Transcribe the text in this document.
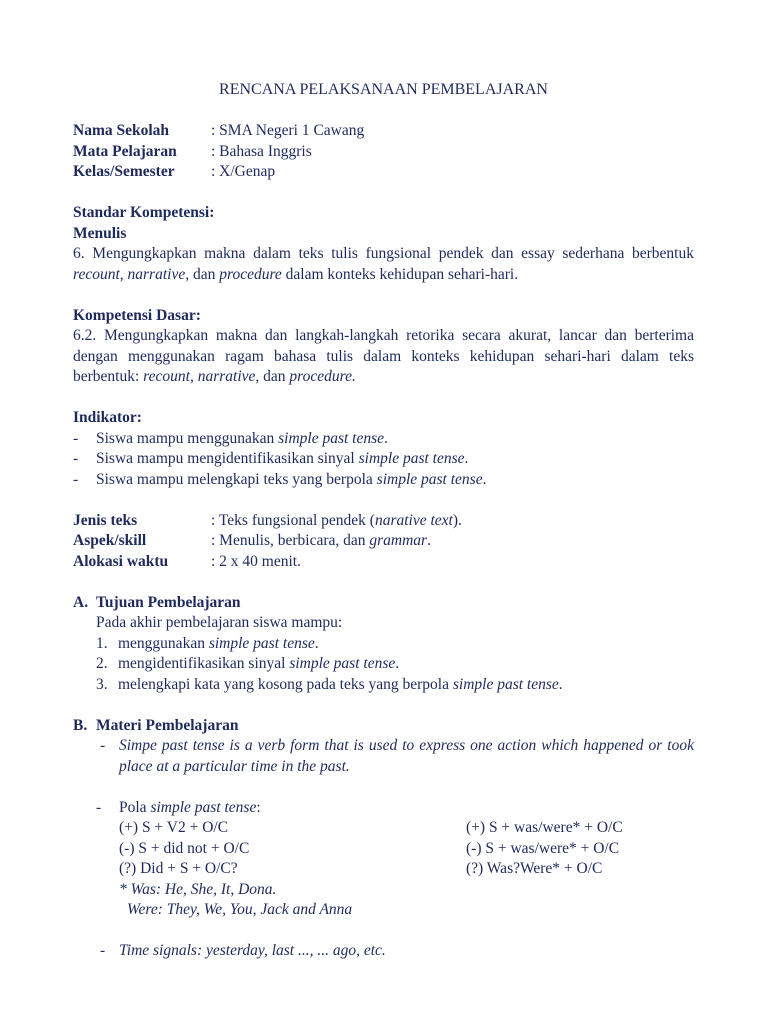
RENCANA PELAKSANAAN PEMBELAJARAN
Nama Sekolah	: SMA Negeri 1 Cawang
Mata Pelajaran : Bahasa Inggris
Kelas/Semester : X/Genap
Standar Kompetensi:
Menulis
6. Mengungkapkan makna dalam teks tulis fungsional pendek dan essay sederhana berbentuk
recount, narrative, dan procedure dalam konteks kehidupan sehari-hari.
Kompetensi Dasar:
6.2. Mengungkapkan makna dan langkah-langkah retorika secara akurat, lancar dan berterima
dengan menggunakan ragam bahasa tulis dalam konteks kehidupan sehari-hari dalam teks
berbentuk: recount, narrative, dan procedure.
Indikator:
- Siswa mampu menggunakan simple past tense.
- Siswa mampu mengidentifikasikan sinyal simple past tense.
- Siswa mampu melengkapi teks yang berpola simple past tense.
Jenis teks	: Teks fungsional pendek (narative text).
Aspek/skill	: Menulis, berbicara, dan grammar.
Alokasi waktu	: 2 x 40 menit.
A. Tujuan Pembelajaran
Pada akhir pembelajaran siswa mampu:
1. menggunakan simple past tense.
2. mengidentifikasikan sinyal simple past tense.
3. melengkapi kata yang kosong pada teks yang berpola simple past tense.
B. Materi Pembelajaran
- Simpe past tense is a verb form that is used to express one action which happened or took
place at a particular time in the past.
- Pola simple past tense:
(+) S + V2 + O/C	(+) S + was/were* + O/C
(-) S + did not + O/C	(-) S + was/were* + O/C
(?) Did + S + O/C?	(?) Was?Were* + O/C
* Was: He, She, It, Dona.
Were: They, We, You, Jack and Anna
- Time signals: yesterday, last ..., ... ago, etc.
